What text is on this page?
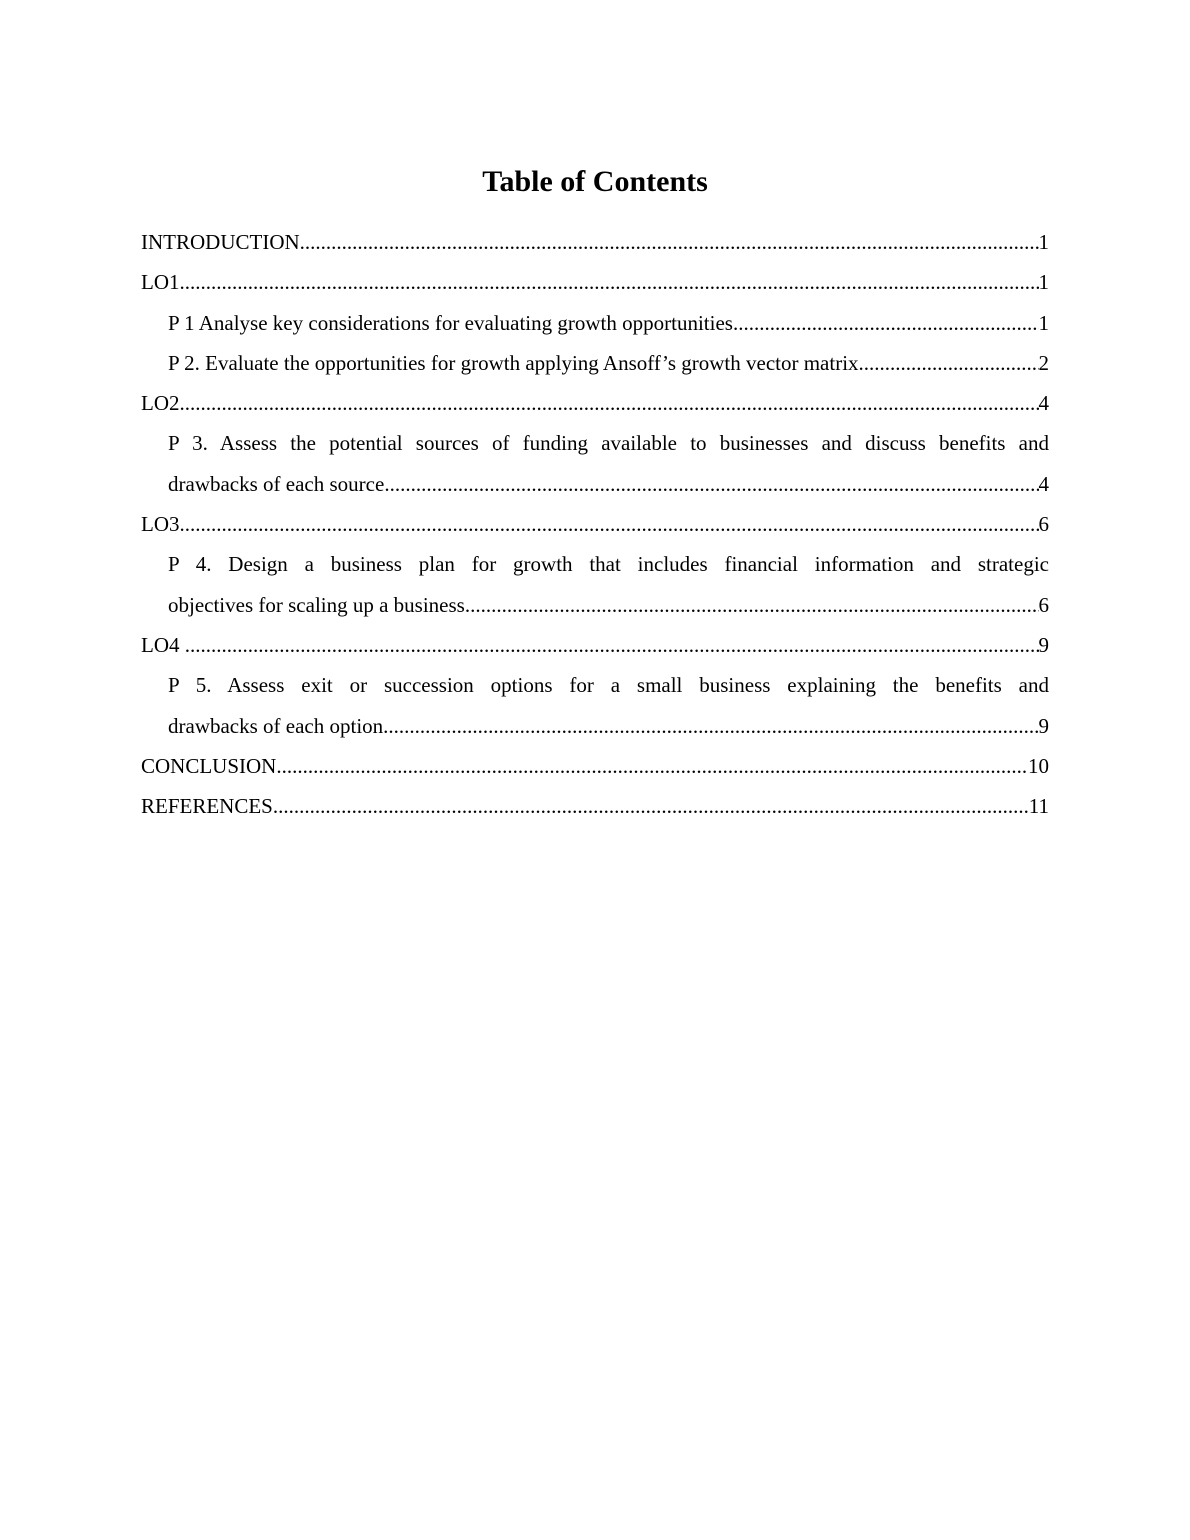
Table of Contents
INTRODUCTION .....	1
LO1 .....	1
P 1 Analyse key considerations for evaluating growth opportunities .....	1
P 2. Evaluate the opportunities for growth applying Ansoff’s growth vector matrix .....	2
LO2 .....	4
P 3. Assess the potential sources of funding available to businesses and discuss benefits and
drawbacks of each source .....	4
LO3 .....	6
P 4. Design a business plan for growth that includes financial information and strategic
objectives for scaling up a business .....	6
LO4 .....	9
P 5. Assess exit or succession options for a small business explaining the benefits and
drawbacks of each option .....	9
CONCLUSION .....	10
REFERENCES .....	11
